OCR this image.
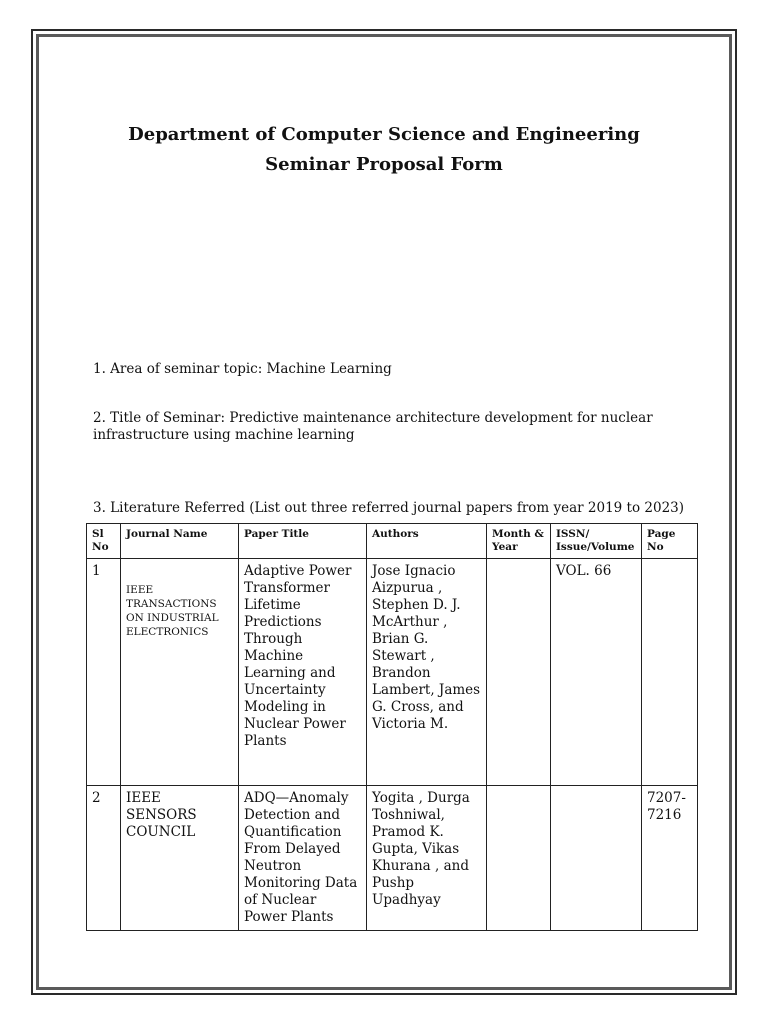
Department of Computer Science and Engineering
Seminar Proposal Form
1. Area of seminar topic: Machine Learning
2. Title of Seminar: Predictive maintenance architecture development for nuclear infrastructure using machine learning
3. Literature Referred (List out three referred journal papers from year 2019 to 2023)
Sl No	Journal Name	Paper Title	Authors	Month & Year	ISSN/ Issue/Volume	Page No
1	IEEE TRANSACTIONS ON INDUSTRIAL ELECTRONICS	Adaptive Power Transformer Lifetime Predictions Through Machine Learning and Uncertainty Modeling in Nuclear Power Plants	Jose Ignacio Aizpurua , Stephen D. J. McArthur , Brian G. Stewart , Brandon Lambert, James G. Cross, and Victoria M.		VOL. 66	
2	IEEE SENSORS COUNCIL	ADQ—Anomaly Detection and Quantification From Delayed Neutron Monitoring Data of Nuclear Power Plants	Yogita , Durga Toshniwal, Pramod K. Gupta, Vikas Khurana , and Pushp Upadhyay			7207-7216
